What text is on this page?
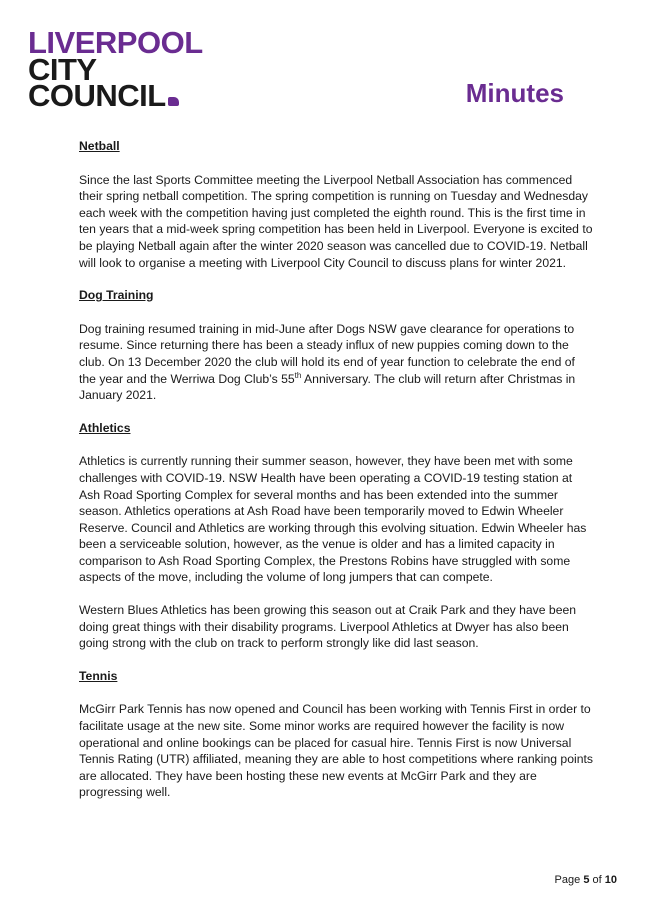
LIVERPOOL
CITY
COUNCIL	Minutes

Netball

Since the last Sports Committee meeting the Liverpool Netball Association has commenced their spring netball competition. The spring competition is running on Tuesday and Wednesday each week with the competition having just completed the eighth round. This is the first time in ten years that a mid-week spring competition has been held in Liverpool. Everyone is excited to be playing Netball again after the winter 2020 season was cancelled due to COVID-19. Netball will look to organise a meeting with Liverpool City Council to discuss plans for winter 2021.

Dog Training

Dog training resumed training in mid-June after Dogs NSW gave clearance for operations to resume. Since returning there has been a steady influx of new puppies coming down to the club. On 13 December 2020 the club will hold its end of year function to celebrate the end of the year and the Werriwa Dog Club’s 55th Anniversary. The club will return after Christmas in January 2021.

Athletics

Athletics is currently running their summer season, however, they have been met with some challenges with COVID-19. NSW Health have been operating a COVID-19 testing station at Ash Road Sporting Complex for several months and has been extended into the summer season. Athletics operations at Ash Road have been temporarily moved to Edwin Wheeler Reserve. Council and Athletics are working through this evolving situation. Edwin Wheeler has been a serviceable solution, however, as the venue is older and has a limited capacity in comparison to Ash Road Sporting Complex, the Prestons Robins have struggled with some aspects of the move, including the volume of long jumpers that can compete.

Western Blues Athletics has been growing this season out at Craik Park and they have been doing great things with their disability programs. Liverpool Athletics at Dwyer has also been going strong with the club on track to perform strongly like did last season.

Tennis

McGirr Park Tennis has now opened and Council has been working with Tennis First in order to facilitate usage at the new site. Some minor works are required however the facility is now operational and online bookings can be placed for casual hire. Tennis First is now Universal Tennis Rating (UTR) affiliated, meaning they are able to host competitions where ranking points are allocated. They have been hosting these new events at McGirr Park and they are progressing well.

Page 5 of 10
